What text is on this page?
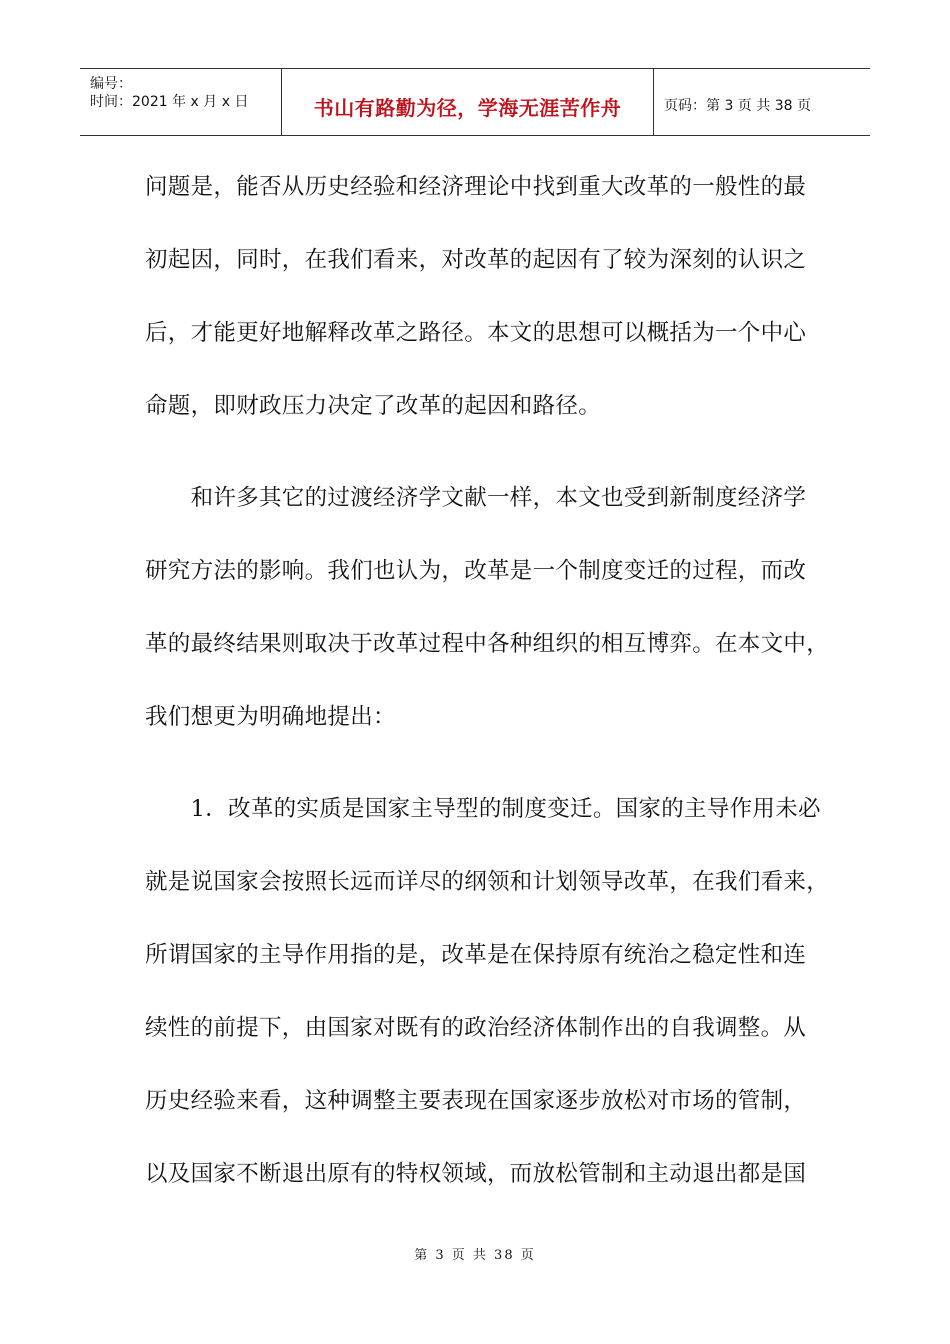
编号：
时间：2021 年 x 月 x 日	书山有路勤为径，学海无涯苦作舟	页码：第 3 页 共 38 页
问题是，能否从历史经验和经济理论中找到重大改革的一般性的最
初起因，同时，在我们看来，对改革的起因有了较为深刻的认识之
后，才能更好地解释改革之路径。本文的思想可以概括为一个中心
命题，即财政压力决定了改革的起因和路径。
　　和许多其它的过渡经济学文献一样，本文也受到新制度经济学
研究方法的影响。我们也认为，改革是一个制度变迁的过程，而改
革的最终结果则取决于改革过程中各种组织的相互博弈。在本文中，
我们想更为明确地提出：
　　1．改革的实质是国家主导型的制度变迁。国家的主导作用未必
就是说国家会按照长远而详尽的纲领和计划领导改革，在我们看来，
所谓国家的主导作用指的是，改革是在保持原有统治之稳定性和连
续性的前提下，由国家对既有的政治经济体制作出的自我调整。从
历史经验来看，这种调整主要表现在国家逐步放松对市场的管制，
以及国家不断退出原有的特权领域，而放松管制和主动退出都是国
第 3 页 共 38 页
